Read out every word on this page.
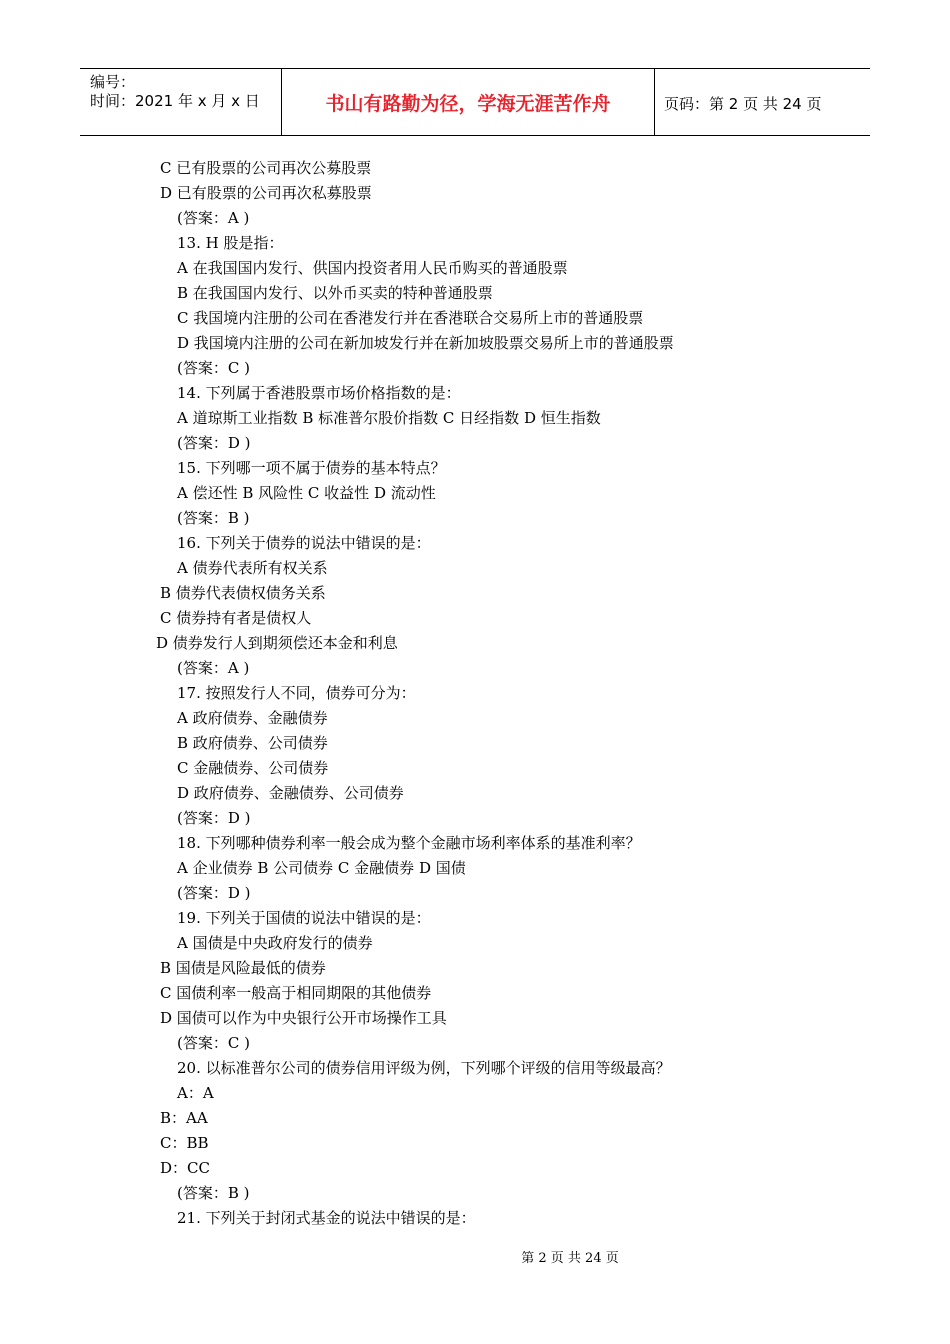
编号：
时间：2021 年 x 月 x 日	书山有路勤为径，学海无涯苦作舟	页码：第 2 页 共 24 页
C 已有股票的公司再次公募股票
D 已有股票的公司再次私募股票
(答案：A )
13. H 股是指：
A 在我国国内发行、供国内投资者用人民币购买的普通股票
B 在我国国内发行、以外币买卖的特种普通股票
C 我国境内注册的公司在香港发行并在香港联合交易所上市的普通股票
D 我国境内注册的公司在新加坡发行并在新加坡股票交易所上市的普通股票
(答案：C )
14. 下列属于香港股票市场价格指数的是：
A 道琼斯工业指数 B 标准普尔股价指数 C 日经指数 D 恒生指数
(答案：D )
15. 下列哪一项不属于债券的基本特点？
A 偿还性 B 风险性 C 收益性 D 流动性
(答案：B )
16. 下列关于债券的说法中错误的是：
A 债券代表所有权关系
B 债券代表债权债务关系
C 债券持有者是债权人
D 债券发行人到期须偿还本金和利息
(答案：A )
17. 按照发行人不同，债券可分为：
A 政府债券、金融债券
B 政府债券、公司债券
C 金融债券、公司债券
D 政府债券、金融债券、公司债券
(答案：D )
18. 下列哪种债券利率一般会成为整个金融市场利率体系的基准利率？
A 企业债券 B 公司债券 C 金融债券 D 国债
(答案：D )
19. 下列关于国债的说法中错误的是：
A 国债是中央政府发行的债券
B 国债是风险最低的债券
C 国债利率一般高于相同期限的其他债券
D 国债可以作为中央银行公开市场操作工具
(答案：C )
20. 以标准普尔公司的债券信用评级为例，下列哪个评级的信用等级最高？
A：A
B：AA
C：BB
D：CC
(答案：B )
21. 下列关于封闭式基金的说法中错误的是：
第 2 页 共 24 页
